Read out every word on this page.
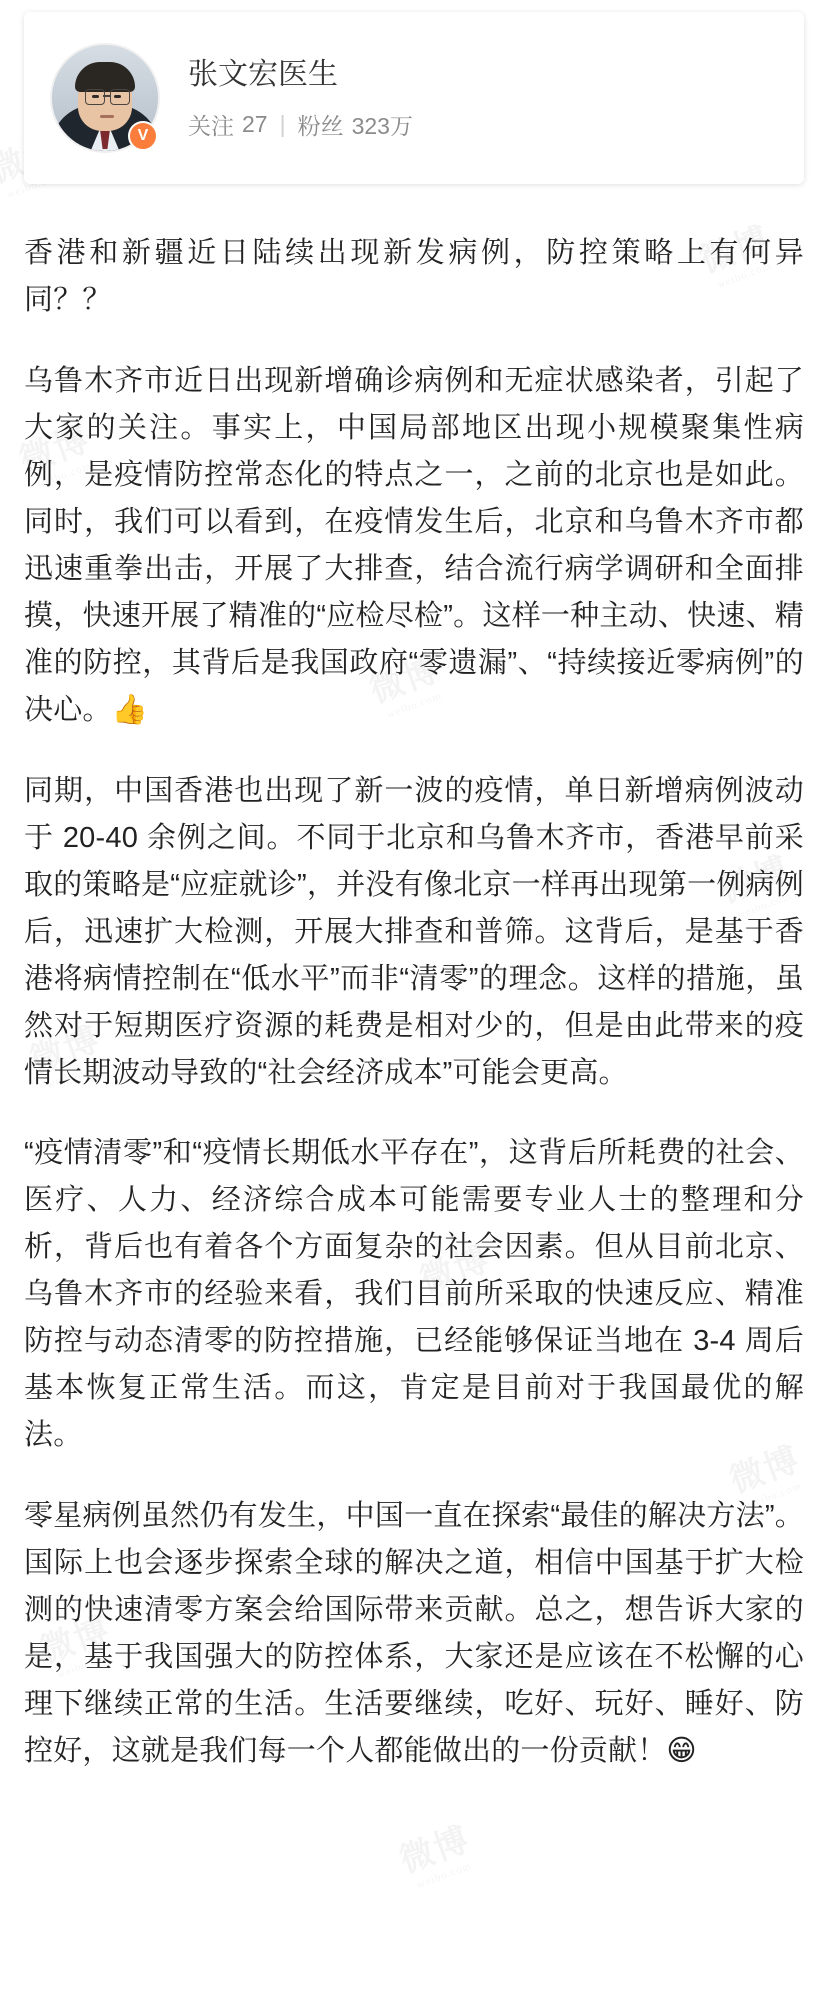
V
张文宏医生
关注 27 | 粉丝 323万

香港和新疆近日陆续出现新发病例，防控策略上有何异同？？

乌鲁木齐市近日出现新增确诊病例和无症状感染者，引起了大家的关注。事实上，中国局部地区出现小规模聚集性病例，是疫情防控常态化的特点之一，之前的北京也是如此。同时，我们可以看到，在疫情发生后，北京和乌鲁木齐市都迅速重拳出击，开展了大排查，结合流行病学调研和全面排摸，快速开展了精准的“应检尽检”。这样一种主动、快速、精准的防控，其背后是我国政府“零遗漏”、“持续接近零病例”的决心。👍

同期，中国香港也出现了新一波的疫情，单日新增病例波动于 20-40 余例之间。不同于北京和乌鲁木齐市，香港早前采取的策略是“应症就诊”，并没有像北京一样再出现第一例病例后，迅速扩大检测，开展大排查和普筛。这背后，是基于香港将病情控制在“低水平”而非“清零”的理念。这样的措施，虽然对于短期医疗资源的耗费是相对少的，但是由此带来的疫情长期波动导致的“社会经济成本”可能会更高。

“疫情清零”和“疫情长期低水平存在”，这背后所耗费的社会、医疗、人力、经济综合成本可能需要专业人士的整理和分析，背后也有着各个方面复杂的社会因素。但从目前北京、乌鲁木齐市的经验来看，我们目前所采取的快速反应、精准防控与动态清零的防控措施，已经能够保证当地在 3-4 周后基本恢复正常生活。而这，肯定是目前对于我国最优的解法。

零星病例虽然仍有发生，中国一直在探索“最佳的解决方法”。国际上也会逐步探索全球的解决之道，相信中国基于扩大检测的快速清零方案会给国际带来贡献。总之，想告诉大家的是，基于我国强大的防控体系，大家还是应该在不松懈的心理下继续正常的生活。生活要继续，吃好、玩好、睡好、防控好，这就是我们每一个人都能做出的一份贡献！😁
